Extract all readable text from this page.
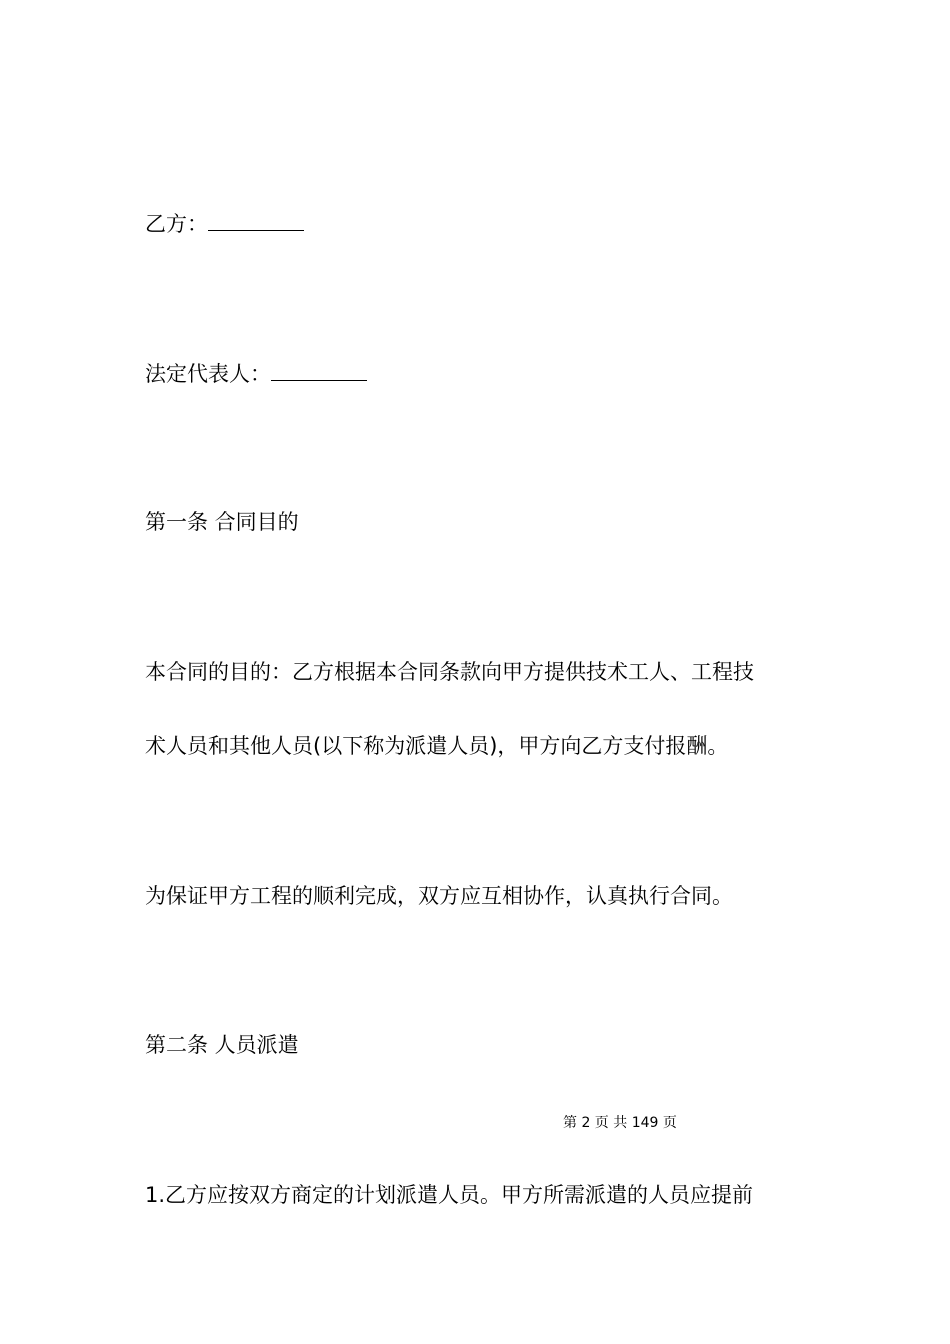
乙方：

法定代表人：

第一条 合同目的

本合同的目的：乙方根据本合同条款向甲方提供技术工人、工程技

术人员和其他人员(以下称为派遣人员)，甲方向乙方支付报酬。

为保证甲方工程的顺利完成，双方应互相协作，认真执行合同。

第二条 人员派遣

第 2 页 共 149 页

1.乙方应按双方商定的计划派遣人员。甲方所需派遣的人员应提前
